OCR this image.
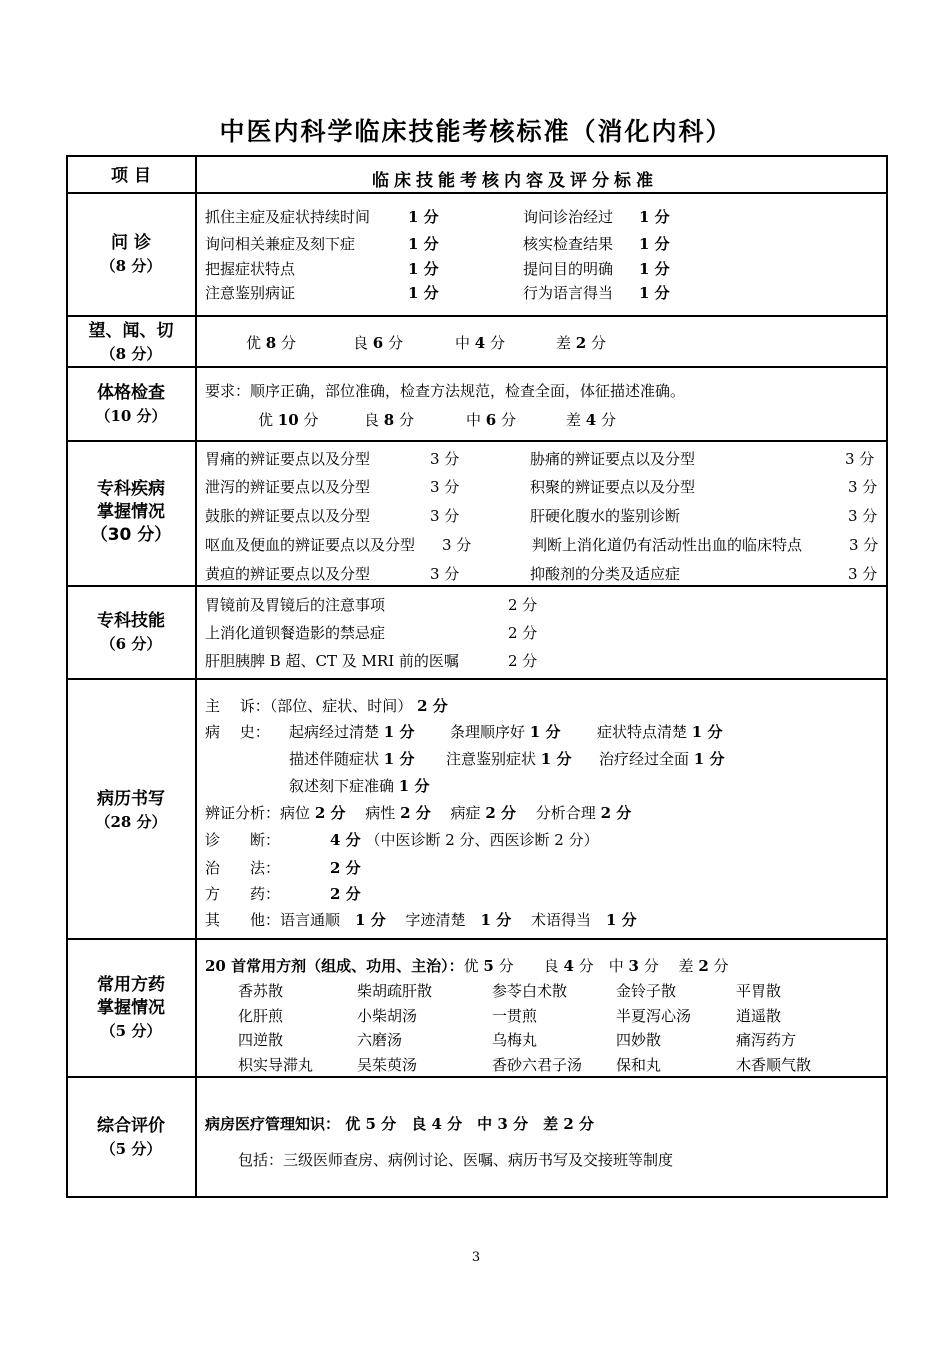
中医内科学临床技能考核标准（消化内科）
项 目	临床技能考核内容及评分标准
问 诊
（8 分）
抓住主症及症状持续时间	1 分	询问诊治经过 1 分
询问相关兼症及刻下症	1 分	核实检查结果 1 分
把握症状特点	1 分	提问目的明确 1 分
注意鉴别病证	1 分	行为语言得当 1 分
望、闻、切
（8 分）
优 8 分	良 6 分	中 4 分	差 2 分
体格检查
（10 分）
要求：顺序正确，部位准确，检查方法规范，检查全面，体征描述准确。
优 10 分	良 8 分	中 6 分	差 4 分
专科疾病
掌握情况
（30 分）
胃痛的辨证要点以及分型	3 分	胁痛的辨证要点以及分型	3 分
泄泻的辨证要点以及分型	3 分	积聚的辨证要点以及分型	3 分
鼓胀的辨证要点以及分型	3 分	肝硬化腹水的鉴别诊断	3 分
呕血及便血的辨证要点以及分型 3 分	判断上消化道仍有活动性出血的临床特点	3 分
黄疸的辨证要点以及分型	3 分	抑酸剂的分类及适应症	3 分
专科技能
（6 分）
胃镜前及胃镜后的注意事项	2 分
上消化道钡餐造影的禁忌症	2 分
肝胆胰脾 B 超、CT 及 MRI 前的医嘱	2 分
病历书写
（28 分）
主　 诉：（部位、症状、时间） 2 分
病　 史： 起病经过清楚 1 分 条理顺序好 1 分 症状特点清楚 1 分
描述伴随症状 1 分 注意鉴别症状 1 分 治疗经过全面 1 分
叙述刻下症准确 1 分
辨证分析：病位 2 分　 病性 2 分　 病症 2 分　 分析合理 2 分
诊　　断：	4 分 （中医诊断 2 分、西医诊断 2 分）
治　　法：	2 分
方　　药：	2 分
其　　他：语言通顺　 1 分　 字迹清楚　 1 分　 术语得当　 1 分
常用方药
掌握情况
（5 分）
20 首常用方剂（组成、功用、主治）：优 5 分　　 良 4 分　 中 3 分　 差 2 分
香苏散	柴胡疏肝散	参苓白术散	金铃子散	平胃散
化肝煎	小柴胡汤	一贯煎	半夏泻心汤	逍遥散
四逆散	六磨汤	乌梅丸	四妙散	痛泻药方
枳实导滞丸	吴茱萸汤	香砂六君子汤 保和丸	木香顺气散
综合评价
（5 分）
病房医疗管理知识： 优 5 分　 良 4 分　 中 3 分　 差 2 分
包括：三级医师查房、病例讨论、医嘱、病历书写及交接班等制度
3
